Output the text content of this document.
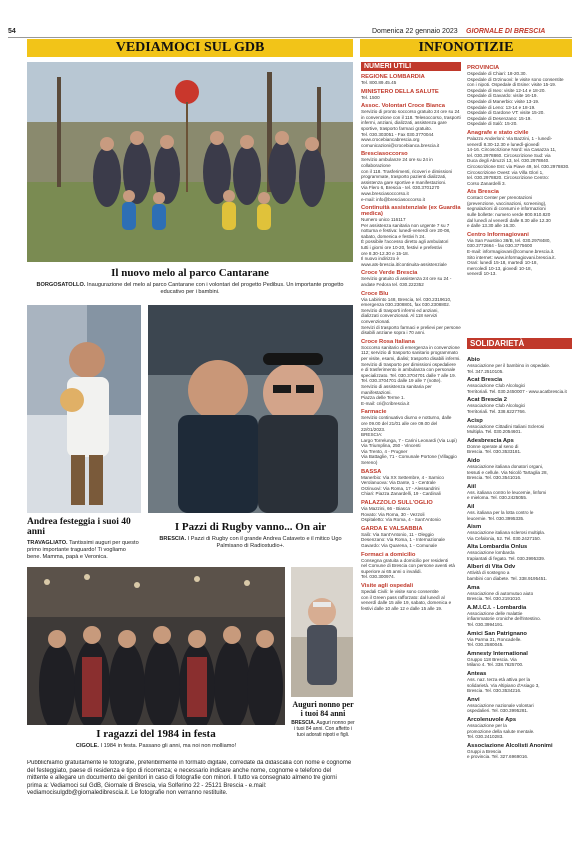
54	Domenica 22 gennaio 2023 GIORNALE DI BRESCIA
VEDIAMOCI SUL GDB	INFONOTIZIE
Il nuovo melo al parco Cantarane
BORGOSATOLLO. Inaugurazione del melo al parco Cantarane con i volontari del progetto Pedibus. Un importante progetto educativo per i bambini.
Andrea festeggia i suoi 40 anni
TRAVAGLIATO. Tantissimi auguri per questo primo importante traguardo! Ti vogliamo bene. Mamma, papà e Veronica.
I Pazzi di Rugby vanno... On air
BRESCIA. I Pazzi di Rugby con il grande Andrea Cataveto e il mitico Ugo Palmisano di Radiostudio+.
I ragazzi del 1984 in festa
CIGOLE. I 1984 in festa. Passano gli anni, ma noi non molliamo!
Auguri nonno per i tuoi 84 anni
BRESCIA. Auguri nonno per i tuoi 84 anni. Con affetto i tuoi adorati nipoti e figli.
Pubblichiamo gratuitamente le fotografie, preferibilmente in formato digitale, corredate da didascalia con nome e cognome del festeggiato, paese di residenza e tipo di ricorrenza; e necessario indicare anche nome, cognome e telefono del mittente e allegare un documento dei genitori in caso di fotografie con minori. Il tutto va consegnato almeno tre giorni prima a: Vediamoci sul GdB, Giornale di Brescia, via Solferino 22 - 25121 Brescia - e.mail: vediamocisulgdb@giornaledibrescia.it. Le fotografie non verranno restituite.
NUMERI UTILI
REGIONE LOMBARDIA
Tel. 800.89.45.45
MINISTERO DELLA SALUTE
Tel. 1500
Assoc. Volontari Croce Bianca
Servizio di pronto soccorso gratuito 24 ore su 24
in convenzione con il 118. Telesoccorso, trasporti
infermi, anziani, dializzati, assistenza gare
sportive, trasporto farmaci gratuito.
Tel. 030.303051 - Fax 030.3770044
www.crocebiancabrescia.org
comunicazioni@crocebianca.brescia.it
Bresciasoccorso
Servizio ambulanze 24 ore su 24 in collaborazione
con il 118. Trasferimenti, ricoveri e dimissioni
programmate, trasporto pazienti dializzati,
assistenza gare sportive e manifestazioni.
Via Flero 6, Brescia - tel. 030.3701270
www.bresciasoccorso.it
e-mail: info@bresciasoccorso.it
Continuità assistenziale (ex Guardia medica)
Numero unico 116117
Per assistenza sanitaria non urgente 7 su 7
notturna e festiva: lunedì-venerdì ore 20-08,
sabato, domenica e festivi h 24.
È possibile l'accesso diretto agli ambulatori
tutti i giorni ore 10-20, festivi e prefestivi
ore 8.30-12.30 e 15-18.
Il nuovo indirizzo è
www.ats-brescia.it/continuita-assistenziale
Croce Verde Brescia
Servizio gratuito di assistenza 24 ore su 24 -
andate Fedora tel. 030.222352
Croce Blu
Via Labirinto 148, Brescia, tel. 030.2319610,
emergenza 030.2308801, fax 030.2308802.
Servizio di trasporti infermi ed anziani,
dializzati convenzionati. Al 118 servizi convenzionati.
Servizi di trasporto farmaci e prelievi per persone
disabili anziane sopra i 70 anni.
Croce Rosa Italiana
Soccorso sanitario di emergenza in convenzione
112; servizio di trasporto sanitario programmato
per visite, esami, dialisi; trasporto disabili infermi.
Servizio di trasporto per dimissioni ospedaliere
e di trasferimento in ambulanza con personale
specializzato. Tel. 030.3704701 dalle 7 alle 19.
Tel. 030.3704701 dalle 19 alle 7 (notte).
Servizio di assistenza sanitaria per manifestazioni.
Piazza delle Terme 1.
E-mail: cri@cribrescia.it
Farmacie
Servizio continuativo diurno e notturno, dalle
ore 09.00 del 21/01 alle ore 09.00 del 22/01/2023.
BRESCIA:
Largo Torrelunga, 7 - Carini Leonardi (Via Lupi)
Via Triumplina, 250 - Vincenti
Via Trento, 4 - Prugner
Via Battaglie, 71 - Comunale Portone (Villaggio
Sereno)
BASSA
Manerbio: Via XX Settembre, 4 - Sarnico
Verolanuova: Via Dante, 1 - Centrale
Orzinuovi: Via Roma, 17 - Alessandrini
Chiari: Piazza Zanardelli, 19 - Cardinali
PALAZZOLO SULL'OGLIO
Via Mazzini, 66 - Biasca
Rovato: Via Roma, 30 - Vezzoli
Ospitaletto: Via Roma, 4 - Sant'Antonio
GARDA E VALSABBIA
Salò: Via Sant'Antonio, 11 - Oleggio
Desenzano: Via Roma, 1 - Internazionale
Gavardo: Via Quarena, 1 - Comunale
Formaci a domicilio
Consegna gratuita a domicilio per residenti
nel Comune di Brescia con persone aventi età
superiore ai 65 anni o invalidi.
Tel. 030.300974.
Visite agli ospedali
Spedali Civili: le visite sono consentite
con il Green pass rafforzato: dal lunedì al
venerdì dalle 15 alle 19, sabato, domenica e
festivi dalle 10 alle 12 e dalle 15 alle 19.
PROVINCIA
Ospedale di Chiari: 18-20.30.
Ospedale di Orzinuovi: le visite sono consentite
con i nipoti. Ospedale di Esine: visite 15-19.
Ospedale di Iseo: visite 12-14 e 18-20.
Ospedale di Gavardo: visite 16-19.
Ospedale di Manerbio: visite 13-19.
Ospedale di Leno: 13-14 e 18-19.
Ospedale di Gardone VT: visite 15-20.
Ospedale di Desenzano: 15-19.
Ospedale di Salò: 15-20.
Anagrafe e stato civile
Palazzo Anderloni: Via Bazzini, 1 - lunedì-
venerdì 8.30-12.30 e lunedì-giovedì
14-16. Circoscrizione Nord: via Casazza 11,
tel. 030.2978860. Circoscrizione Sud: via
Duca degli Abruzzi 13, tel. 030.2978840.
Circoscrizione Est: via Piave 49, tel. 030.2978830.
Circoscrizione Ovest: via Villa Glori 1,
tel. 030.2978820. Circoscrizione Centro:
Corso Zanardelli 3.
Ats Brescia
Contact Center per prenotazioni
(prevenzione, vaccinazioni, screening),
segnalazioni di consumi e informazioni
sulle bollette: numero verde 800.910.820
dal lunedì al venerdì dalle 8.30 alle 12.30
e dalle 13.30 alle 16.30.
Centro Informagiovani
Via San Faustino 38/B, tel. 030.2978480,
030.3772664 - fax 030.3775600
E-mail: informagiovani@comune.brescia.it.
Sito internet: www.informagiovani.brescia.it.
Orari: lunedì 15-18, martedì 10-18,
mercoledì 10-13, giovedì 10-18,
venerdì 10-13.
SOLIDARIETÀ
Abio
Associazione per il bambino in ospedale.
Tel. 347.2510105.
Acat Brescia
Associazione Club Alcologici
Territoriali. Tel. 030.2450007 - www.acatbrescia.it
Acat Brescia 2
Associazione Club Alcologici
Territoriali. Tel. 338.6227766.
Acisp
Associazione Cittadini Italiani Sclerosi
Multipla. Tel. 030.2054601.
Adesbrescia Aps
Donne operate al seno di
Brescia. Tel. 030.3533181.
Aido
Associazione italiana donatori organi,
tessuti e cellule. Via Nicolò Tartaglia 28,
Brescia. Tel. 030.3541016.
Aiil
Ass. italiana contro le leucemie, linfomi
e mieloma. Tel. 030.2425055.
Ail
Ass. italiana per la lotta contro le
leucemie. Tel. 030.3995335.
Aism
Associazione italiana sclerosi multipla.
Via Cefalonia, 52. Tel. 030.2427150.
Alta Lombardia Onlus
Associazione lombarda
trapiantati di fegato. Tel. 030.3995339.
Alberi di Vita Odv
Attività di sostegno a
bambini con diabete. Tel. 338.9195451.
Ama
Associazione di automutuo aiuto
Brescia. Tel. 030.2191010.
A.M.I.C.I. - Lombardia
Associazione delle malattie
infiammatorie croniche dell'intestino.
Tel. 030.3994191.
Amici San Patrignano
Via Parma 31, Roncadelle.
Tel. 030.2580045.
Amnesty International
Gruppo 118 Brescia. Via
Milano 4. Tel. 338.7625700.
Anteas
Ass. naz. terza età attiva per la
solidarietà. Via Altipiano d'Asiago 3,
Brescia. Tel. 030.3534216.
Anvi
Associazione nazionale volontari
ospedalieri. Tel. 030.3995281.
Arcolenuvole Aps
Associazione per la
promozione della salute mentale.
Tel. 030.2410283.
Associazione Alcolisti Anonimi
Gruppi a Brescia
e provincia. Tel. 327.6969016.
